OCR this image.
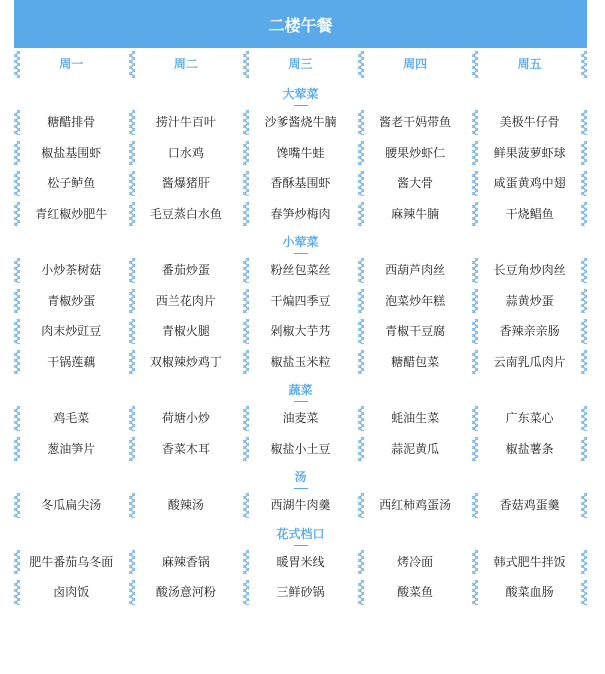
二楼午餐
周一	周二	周三	周四	周五
大荤菜
糖醋排骨	捞汁牛百叶	沙爹酱烧牛腩	酱老干妈带鱼	美极牛仔骨
椒盐基围虾	口水鸡	馋嘴牛蛙	腰果炒虾仁	鲜果菠萝虾球
松子鲈鱼	酱爆猪肝	香酥基围虾	酱大骨	咸蛋黄鸡中翅
青红椒炒肥牛	毛豆蒸白水鱼	春笋炒梅肉	麻辣牛腩	干烧鲳鱼
小荤菜
小炒茶树菇	番茄炒蛋	粉丝包菜丝	西葫芦肉丝	长豆角炒肉丝
青椒炒蛋	西兰花肉片	干煸四季豆	泡菜炒年糕	蒜黄炒蛋
肉末炒豇豆	青椒火腿	剁椒大芋艿	青椒干豆腐	香辣亲亲肠
干锅莲藕	双椒辣炒鸡丁	椒盐玉米粒	糖醋包菜	云南乳瓜肉片
蔬菜
鸡毛菜	荷塘小炒	油麦菜	蚝油生菜	广东菜心
葱油笋片	香菜木耳	椒盐小土豆	蒜泥黄瓜	椒盐薯条
汤
冬瓜扁尖汤	酸辣汤	西湖牛肉羹	西红柿鸡蛋汤	香菇鸡蛋羹
花式档口
肥牛番茄乌冬面	麻辣香锅	暖胃米线	烤冷面	韩式肥牛拌饭
卤肉饭	酸汤意河粉	三鲜砂锅	酸菜鱼	酸菜血肠
